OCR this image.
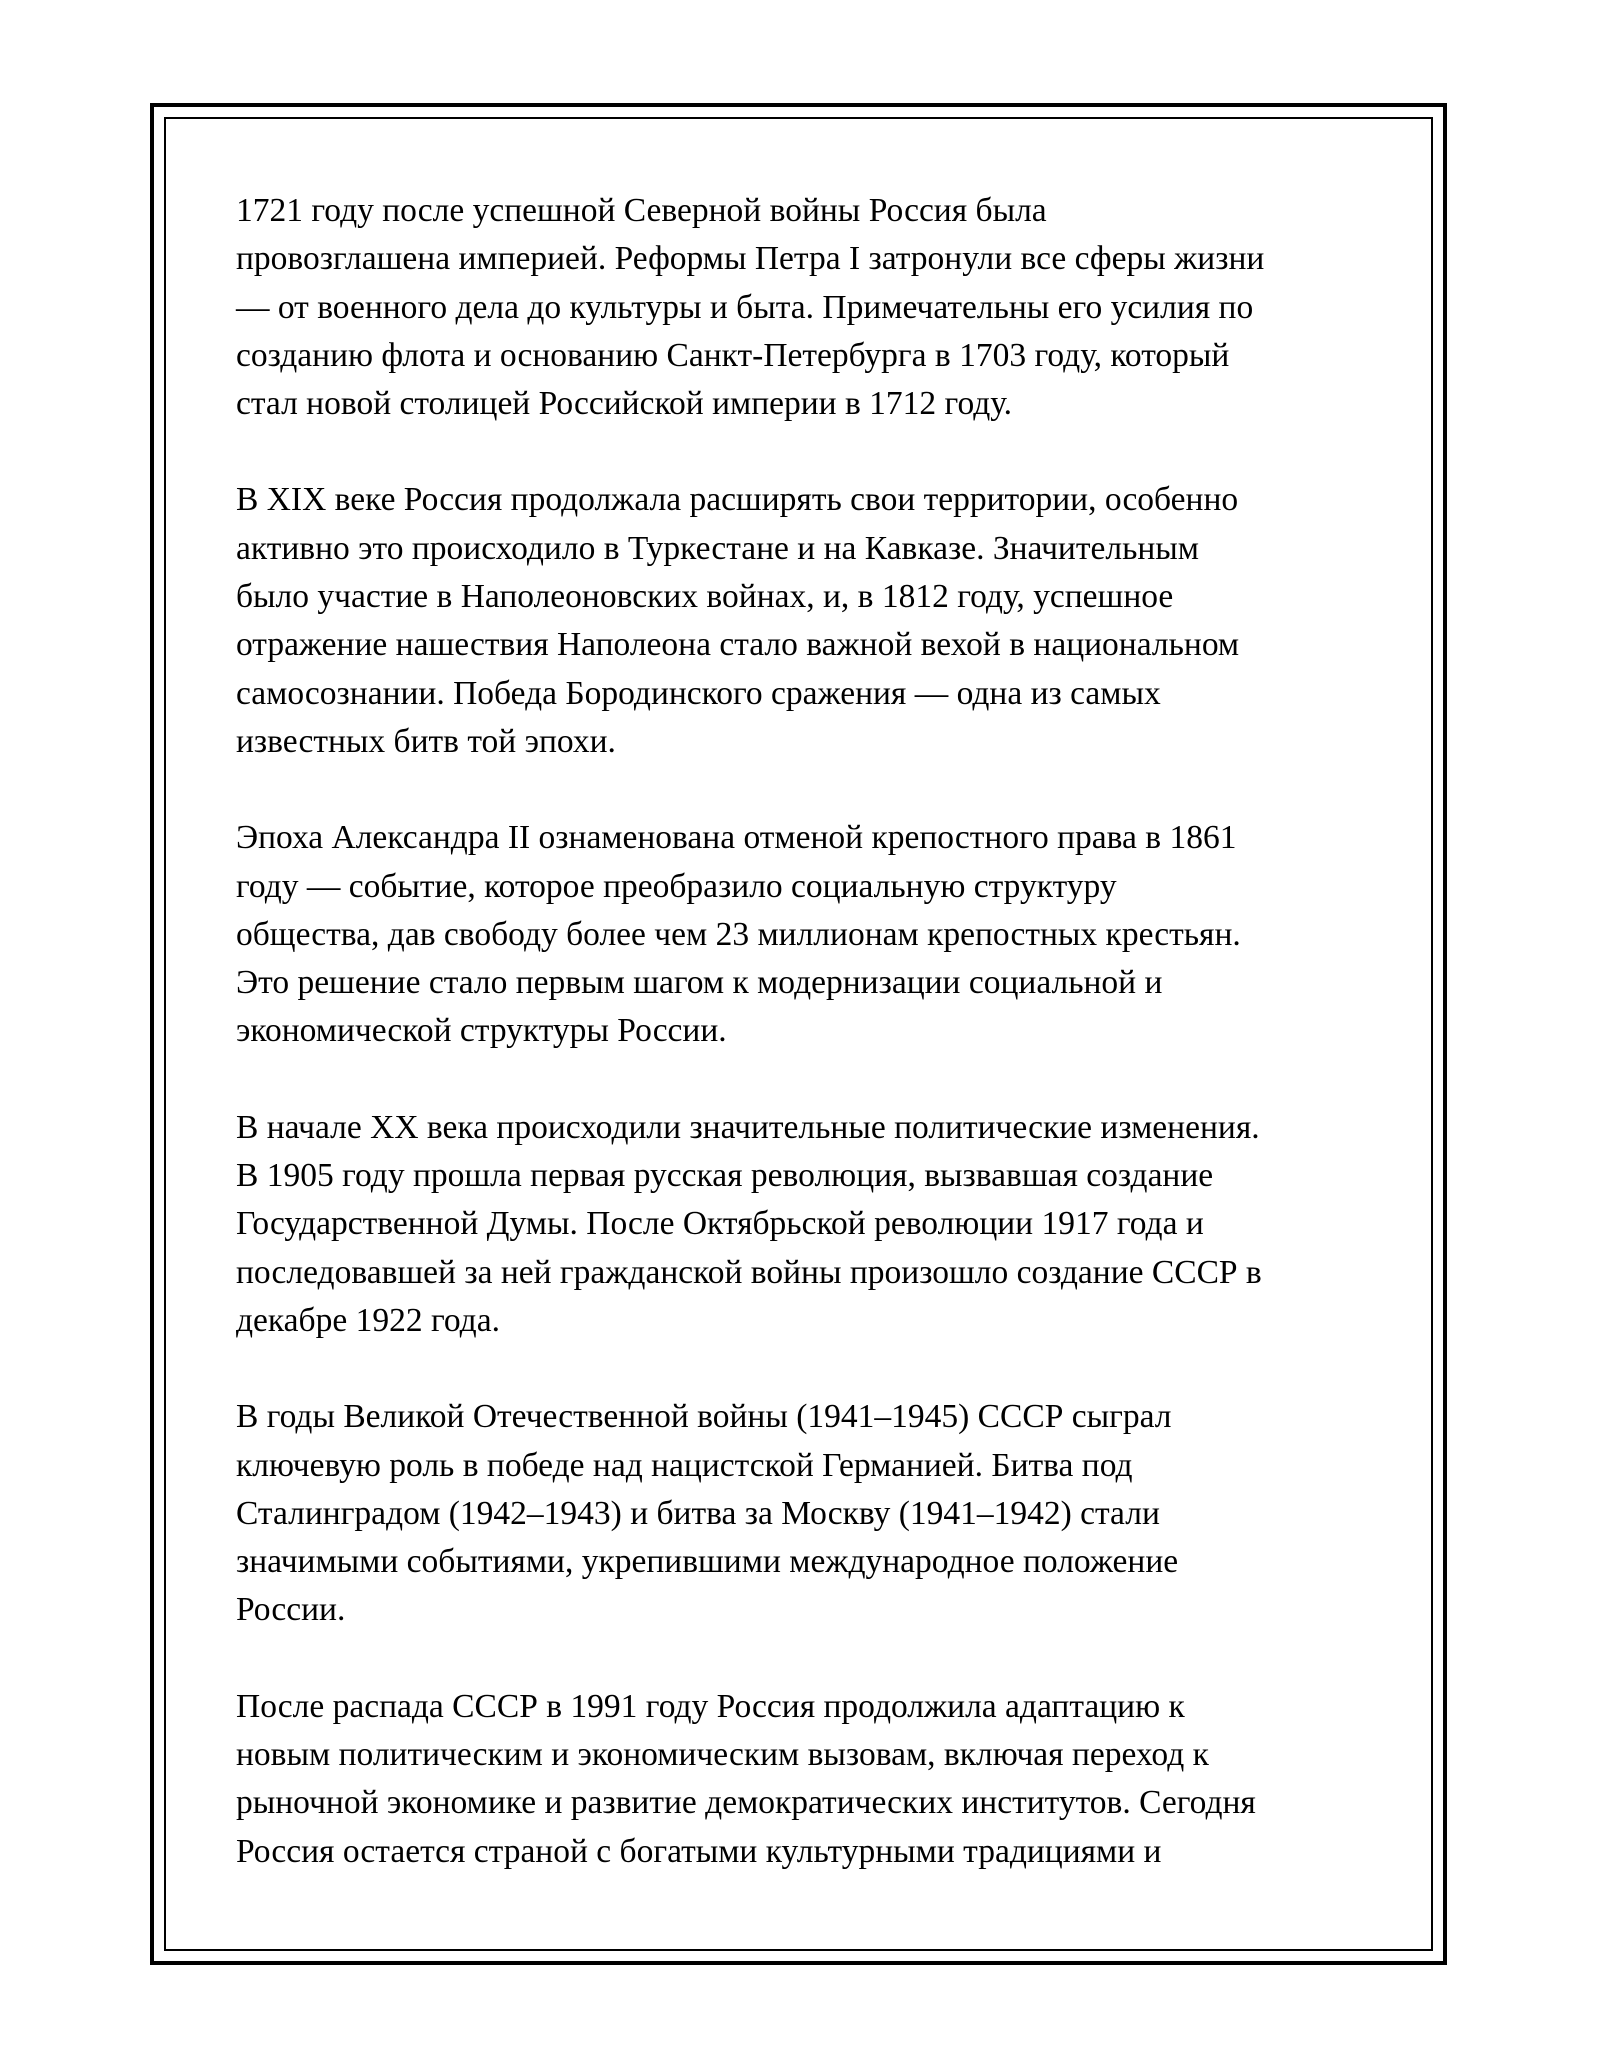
1721 году после успешной Северной войны Россия была
провозглашена империей. Реформы Петра I затронули все сферы жизни
— от военного дела до культуры и быта. Примечательны его усилия по
созданию флота и основанию Санкт-Петербурга в 1703 году, который
стал новой столицей Российской империи в 1712 году.

В XIX веке Россия продолжала расширять свои территории, особенно
активно это происходило в Туркестане и на Кавказе. Значительным
было участие в Наполеоновских войнах, и, в 1812 году, успешное
отражение нашествия Наполеона стало важной вехой в национальном
самосознании. Победа Бородинского сражения — одна из самых
известных битв той эпохи.

Эпоха Александра II ознаменована отменой крепостного права в 1861
году — событие, которое преобразило социальную структуру
общества, дав свободу более чем 23 миллионам крепостных крестьян.
Это решение стало первым шагом к модернизации социальной и
экономической структуры России.

В начале XX века происходили значительные политические изменения.
В 1905 году прошла первая русская революция, вызвавшая создание
Государственной Думы. После Октябрьской революции 1917 года и
последовавшей за ней гражданской войны произошло создание СССР в
декабре 1922 года.

В годы Великой Отечественной войны (1941–1945) СССР сыграл
ключевую роль в победе над нацистской Германией. Битва под
Сталинградом (1942–1943) и битва за Москву (1941–1942) стали
значимыми событиями, укрепившими международное положение
России.

После распада СССР в 1991 году Россия продолжила адаптацию к
новым политическим и экономическим вызовам, включая переход к
рыночной экономике и развитие демократических институтов. Сегодня
Россия остается страной с богатыми культурными традициями и
